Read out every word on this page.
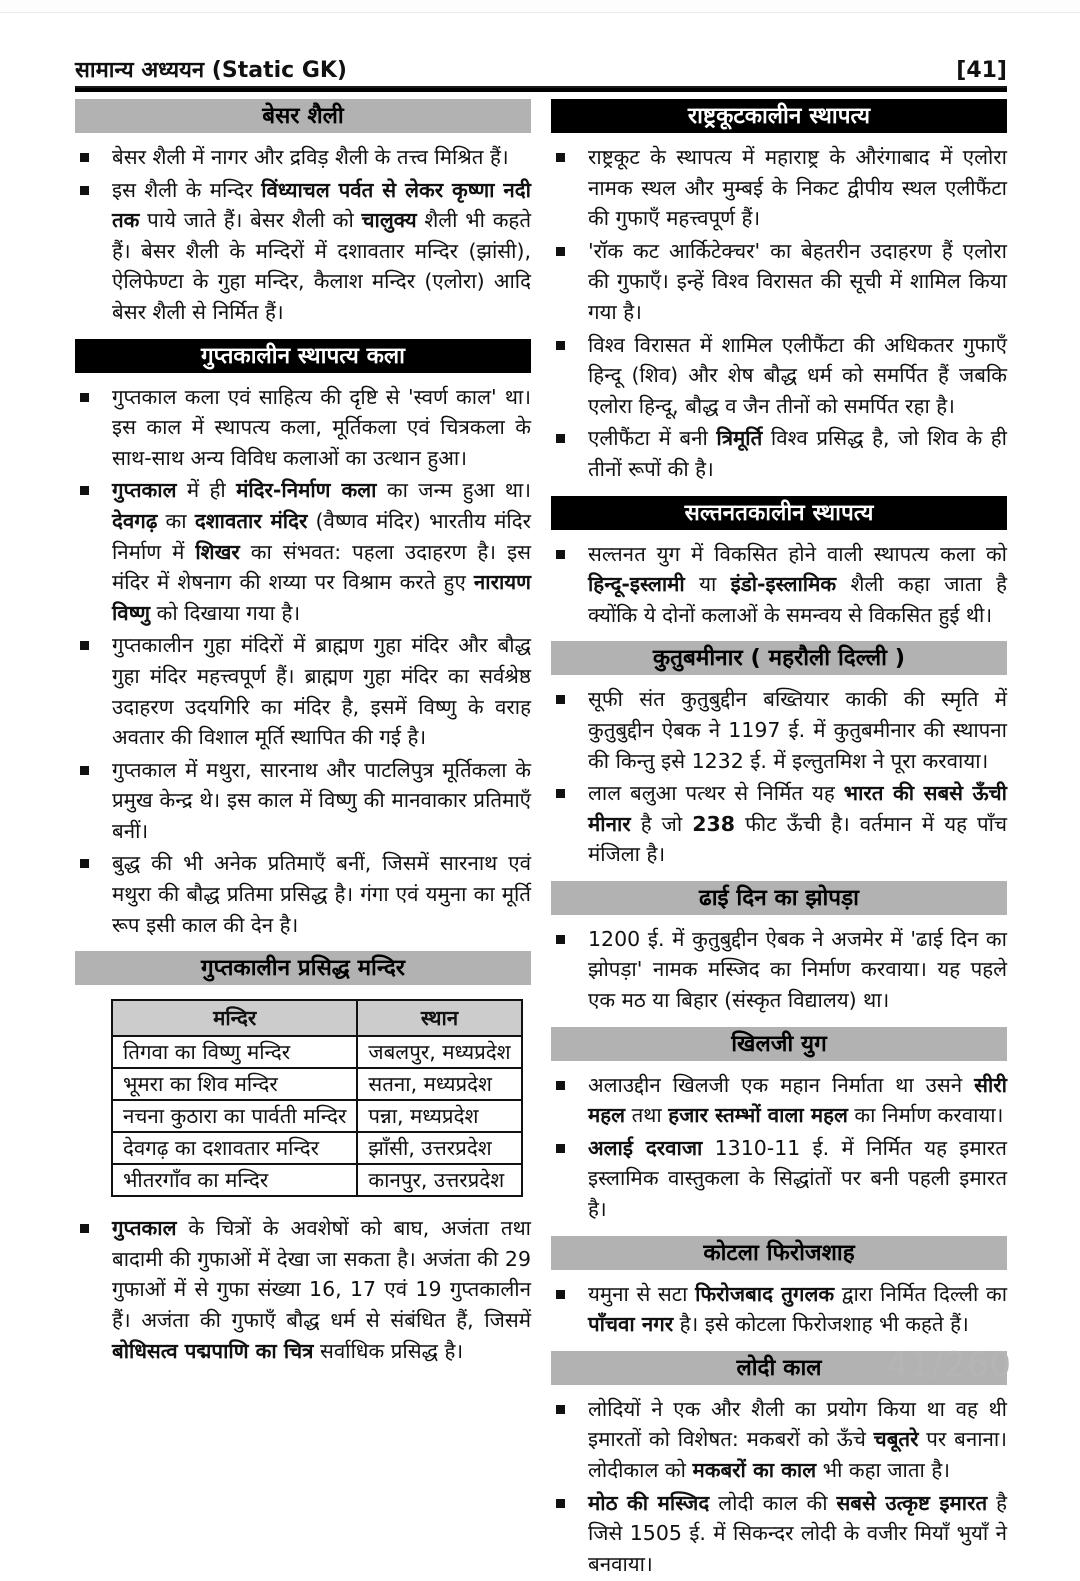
सामान्य अध्ययन (Static GK)	[41]
बेसर शैली
बेसर शैली में नागर और द्रविड़ शैली के तत्त्व मिश्रित हैं।
इस शैली के मन्दिर विंध्याचल पर्वत से लेकर कृष्णा नदी तक पाये जाते हैं। बेसर शैली को चालुक्य शैली भी कहते हैं। बेसर शैली के मन्दिरों में दशावतार मन्दिर (झांसी), ऐलिफेण्टा के गुहा मन्दिर, कैलाश मन्दिर (एलोरा) आदि बेसर शैली से निर्मित हैं।
गुप्तकालीन स्थापत्य कला
गुप्तकाल कला एवं साहित्य की दृष्टि से 'स्वर्ण काल' था। इस काल में स्थापत्य कला, मूर्तिकला एवं चित्रकला के साथ-साथ अन्य विविध कलाओं का उत्थान हुआ।
गुप्तकाल में ही मंदिर-निर्माण कला का जन्म हुआ था। देवगढ़ का दशावतार मंदिर (वैष्णव मंदिर) भारतीय मंदिर निर्माण में शिखर का संभवत: पहला उदाहरण है। इस मंदिर में शेषनाग की शय्या पर विश्राम करते हुए नारायण विष्णु को दिखाया गया है।
गुप्तकालीन गुहा मंदिरों में ब्राह्मण गुहा मंदिर और बौद्ध गुहा मंदिर महत्त्वपूर्ण हैं। ब्राह्मण गुहा मंदिर का सर्वश्रेष्ठ उदाहरण उदयगिरि का मंदिर है, इसमें विष्णु के वराह अवतार की विशाल मूर्ति स्थापित की गई है।
गुप्तकाल में मथुरा, सारनाथ और पाटलिपुत्र मूर्तिकला के प्रमुख केन्द्र थे। इस काल में विष्णु की मानवाकार प्रतिमाएँ बनीं।
बुद्ध की भी अनेक प्रतिमाएँ बनीं, जिसमें सारनाथ एवं मथुरा की बौद्ध प्रतिमा प्रसिद्ध है। गंगा एवं यमुना का मूर्ति रूप इसी काल की देन है।
गुप्तकालीन प्रसिद्ध मन्दिर
मन्दिर	स्थान
तिगवा का विष्णु मन्दिर	जबलपुर, मध्यप्रदेश
भूमरा का शिव मन्दिर	सतना, मध्यप्रदेश
नचना कुठारा का पार्वती मन्दिर	पन्ना, मध्यप्रदेश
देवगढ़ का दशावतार मन्दिर	झाँसी, उत्तरप्रदेश
भीतरगाँव का मन्दिर	कानपुर, उत्तरप्रदेश
गुप्तकाल के चित्रों के अवशेषों को बाघ, अजंता तथा बादामी की गुफाओं में देखा जा सकता है। अजंता की 29 गुफाओं में से गुफा संख्या 16, 17 एवं 19 गुप्तकालीन हैं। अजंता की गुफाएँ बौद्ध धर्म से संबंधित हैं, जिसमें बोधिसत्व पद्मपाणि का चित्र सर्वाधिक प्रसिद्ध है।
राष्ट्रकूटकालीन स्थापत्य
राष्ट्रकूट के स्थापत्य में महाराष्ट्र के औरंगाबाद में एलोरा नामक स्थल और मुम्बई के निकट द्वीपीय स्थल एलीफैंटा की गुफाएँ महत्त्वपूर्ण हैं।
'रॉक कट आर्किटेक्चर' का बेहतरीन उदाहरण हैं एलोरा की गुफाएँ। इन्हें विश्व विरासत की सूची में शामिल किया गया है।
विश्व विरासत में शामिल एलीफैंटा की अधिकतर गुफाएँ हिन्दू (शिव) और शेष बौद्ध धर्म को समर्पित हैं जबकि एलोरा हिन्दू, बौद्ध व जैन तीनों को समर्पित रहा है।
एलीफैंटा में बनी त्रिमूर्ति विश्व प्रसिद्ध है, जो शिव के ही तीनों रूपों की है।
सल्तनतकालीन स्थापत्य
सल्तनत युग में विकसित होने वाली स्थापत्य कला को हिन्दू-इस्लामी या इंडो-इस्लामिक शैली कहा जाता है क्योंकि ये दोनों कलाओं के समन्वय से विकसित हुई थी।
कुतुबमीनार ( महरौली दिल्ली )
सूफी संत कुतुबुद्दीन बख्तियार काकी की स्मृति में कुतुबुद्दीन ऐबक ने 1197 ई. में कुतुबमीनार की स्थापना की किन्तु इसे 1232 ई. में इल्तुतमिश ने पूरा करवाया।
लाल बलुआ पत्थर से निर्मित यह भारत की सबसे ऊँची मीनार है जो 238 फीट ऊँची है। वर्तमान में यह पाँच मंजिला है।
ढाई दिन का झोपड़ा
1200 ई. में कुतुबुद्दीन ऐबक ने अजमेर में 'ढाई दिन का झोपड़ा' नामक मस्जिद का निर्माण करवाया। यह पहले एक मठ या बिहार (संस्कृत विद्यालय) था।
खिलजी युग
अलाउद्दीन खिलजी एक महान निर्माता था उसने सीरी महल तथा हजार स्तम्भों वाला महल का निर्माण करवाया।
अलाई दरवाजा 1310-11 ई. में निर्मित यह इमारत इस्लामिक वास्तुकला के सिद्धांतों पर बनी पहली इमारत है।
कोटला फिरोजशाह
यमुना से सटा फिरोजबाद तुगलक द्वारा निर्मित दिल्ली का पाँचवा नगर है। इसे कोटला फिरोजशाह भी कहते हैं।
लोदी काल
लोदियों ने एक और शैली का प्रयोग किया था वह थी इमारतों को विशेषत: मकबरों को ऊँचे चबूतरे पर बनाना। लोदीकाल को मकबरों का काल भी कहा जाता है।
मोठ की मस्जिद लोदी काल की सबसे उत्कृष्ट इमारत है जिसे 1505 ई. में सिकन्दर लोदी के वजीर मियाँ भुयाँ ने बनवाया।
41/260
